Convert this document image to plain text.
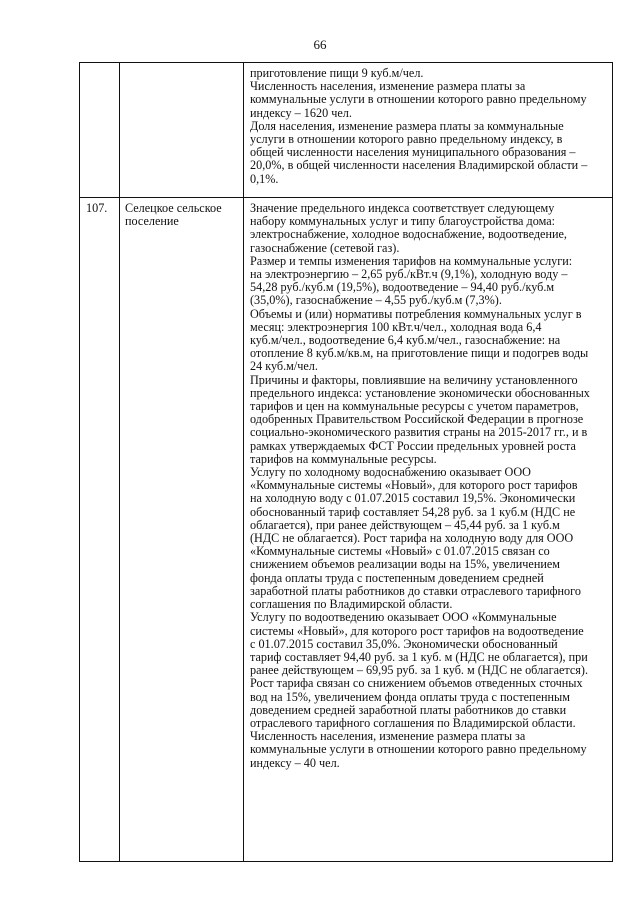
66
приготовление пищи 9 куб.м/чел.
Численность населения, изменение размера платы за
коммунальные услуги в отношении которого равно предельному
индексу – 1620 чел.
Доля населения, изменение размера платы за коммунальные
услуги в отношении которого равно предельному индексу, в
общей численности населения муниципального образования –
20,0%, в общей численности населения Владимирской области –
0,1%.
107.	Селецкое сельское
поселение
Значение предельного индекса соответствует следующему
набору коммунальных услуг и типу благоустройства дома:
электроснабжение, холодное водоснабжение, водоотведение,
газоснабжение (сетевой газ).
Размер и темпы изменения тарифов на коммунальные услуги:
на электроэнергию – 2,65 руб./кВт.ч (9,1%), холодную воду –
54,28 руб./куб.м (19,5%), водоотведение – 94,40 руб./куб.м
(35,0%), газоснабжение – 4,55 руб./куб.м (7,3%).
Объемы и (или) нормативы потребления коммунальных услуг в
месяц: электроэнергия 100 кВт.ч/чел., холодная вода 6,4
куб.м/чел., водоотведение 6,4 куб.м/чел., газоснабжение: на
отопление 8 куб.м/кв.м, на приготовление пищи и подогрев воды
24 куб.м/чел.
Причины и факторы, повлиявшие на величину установленного
предельного индекса: установление экономически обоснованных
тарифов и цен на коммунальные ресурсы с учетом параметров,
одобренных Правительством Российской Федерации в прогнозе
социально-экономического развития страны на 2015-2017 гг., и в
рамках утверждаемых ФСТ России предельных уровней роста
тарифов на коммунальные ресурсы.
Услугу по холодному водоснабжению оказывает ООО
«Коммунальные системы «Новый», для которого рост тарифов
на холодную воду с 01.07.2015 составил 19,5%. Экономически
обоснованный тариф составляет 54,28 руб. за 1 куб.м (НДС не
облагается), при ранее действующем – 45,44 руб. за 1 куб.м
(НДС не облагается). Рост тарифа на холодную воду для ООО
«Коммунальные системы «Новый» с 01.07.2015 связан со
снижением объемов реализации воды на 15%, увеличением
фонда оплаты труда с постепенным доведением средней
заработной платы работников до ставки отраслевого тарифного
соглашения по Владимирской области.
Услугу по водоотведению оказывает ООО «Коммунальные
системы «Новый», для которого рост тарифов на водоотведение
с 01.07.2015 составил 35,0%. Экономически обоснованный
тариф составляет 94,40 руб. за 1 куб. м (НДС не облагается), при
ранее действующем – 69,95 руб. за 1 куб. м (НДС не облагается).
Рост тарифа связан со снижением объемов отведенных сточных
вод на 15%, увеличением фонда оплаты труда с постепенным
доведением средней заработной платы работников до ставки
отраслевого тарифного соглашения по Владимирской области.
Численность населения, изменение размера платы за
коммунальные услуги в отношении которого равно предельному
индексу – 40 чел.
